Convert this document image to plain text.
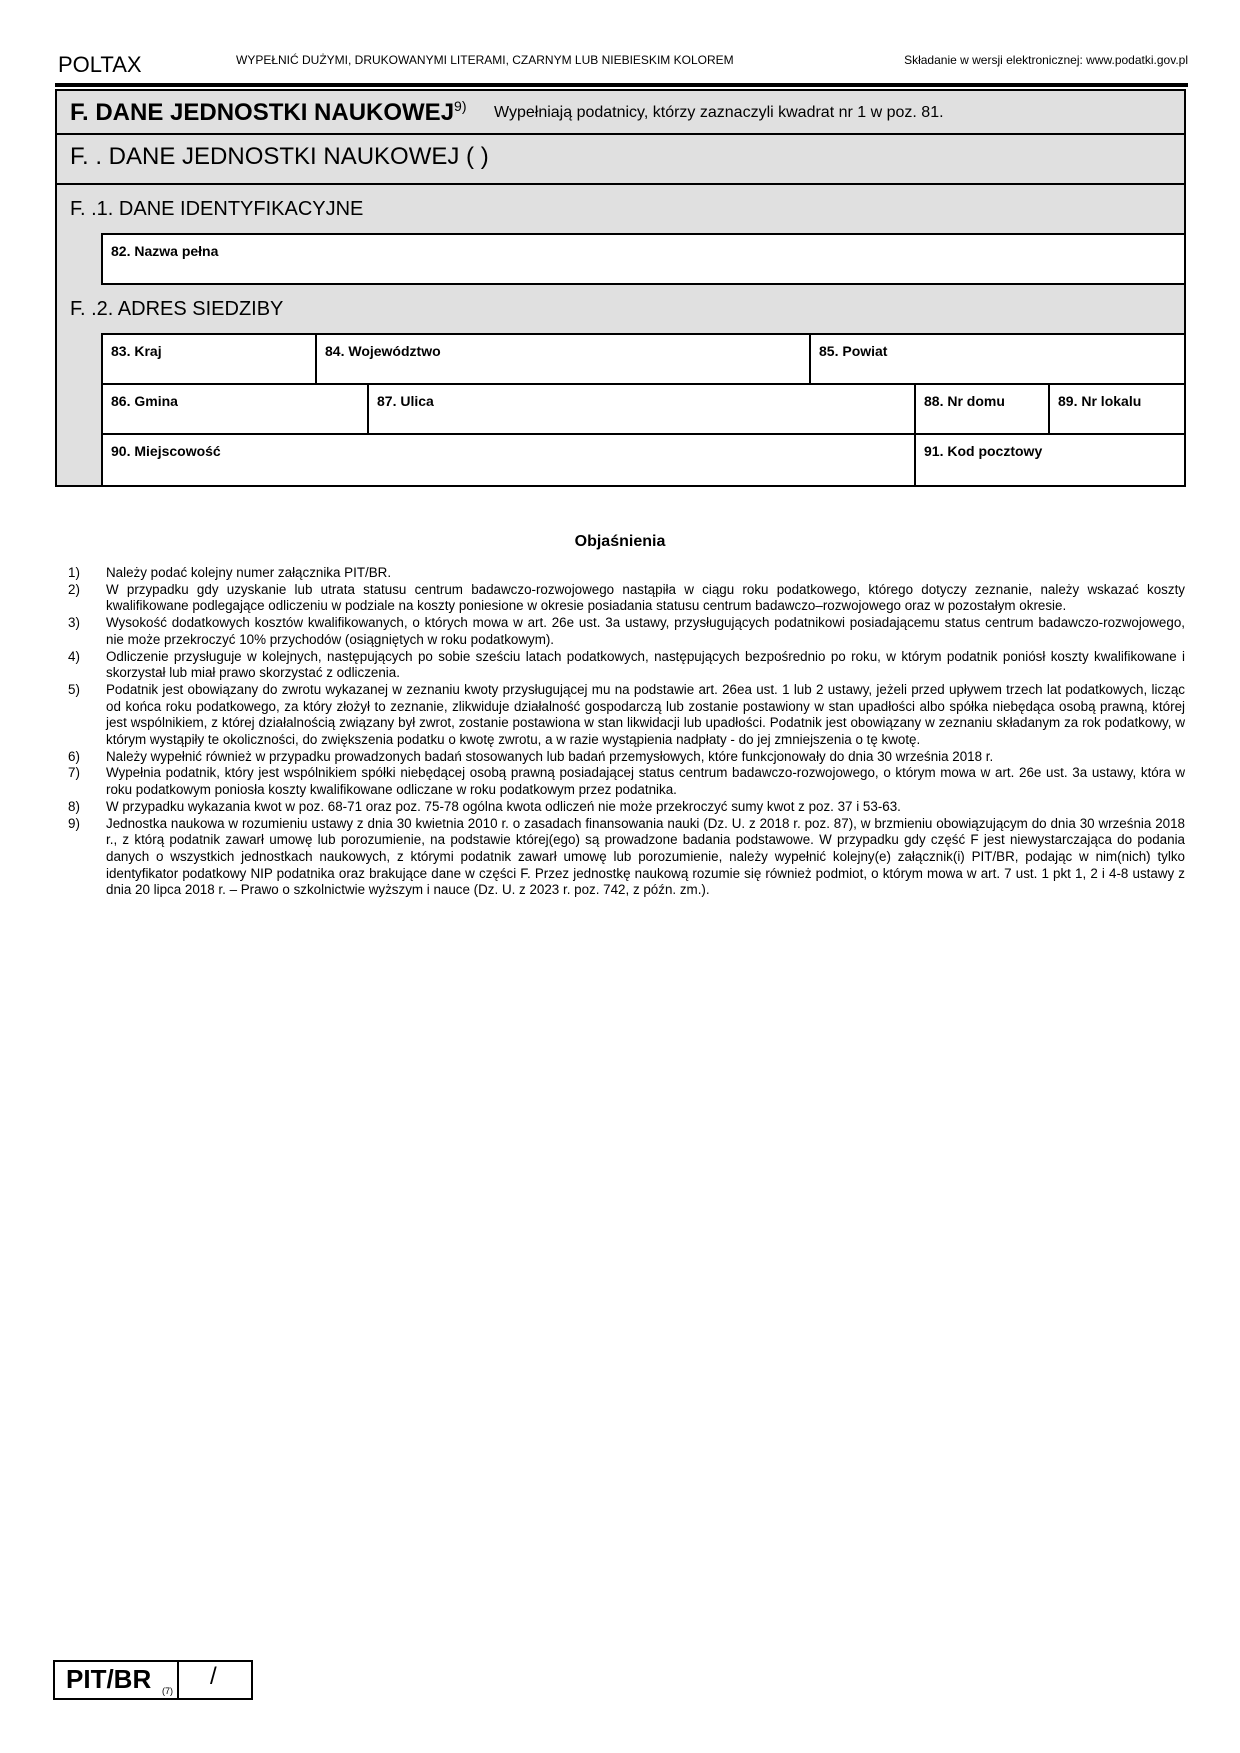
POLTAX	WYPEŁNIĆ DUŻYMI, DRUKOWANYMI LITERAMI, CZARNYM LUB NIEBIESKIM KOLOREM	Składanie w wersji elektronicznej: www.podatki.gov.pl
F. DANE JEDNOSTKI NAUKOWEJ$^{9)}$ Wypełniają podatnicy, którzy zaznaczyli kwadrat nr 1 w poz. 81.
F. . DANE JEDNOSTKI NAUKOWEJ ( )
F. .1. DANE IDENTYFIKACYJNE
82. Nazwa pełna
F. .2. ADRES SIEDZIBY
83. Kraj	84. Województwo	85. Powiat
86. Gmina	87. Ulica	88. Nr domu	89. Nr lokalu
90. Miejscowość	91. Kod pocztowy
Objaśnienia
1)	Należy podać kolejny numer załącznika PIT/BR.
2)	W przypadku gdy uzyskanie lub utrata statusu centrum badawczo-rozwojowego nastąpiła w ciągu roku podatkowego, którego dotyczy zeznanie, należy wskazać koszty kwalifikowane podlegające odliczeniu w podziale na koszty poniesione w okresie posiadania statusu centrum badawczo–rozwojowego oraz w pozostałym okresie.
3)	Wysokość dodatkowych kosztów kwalifikowanych, o których mowa w art. 26e ust. 3a ustawy, przysługujących podatnikowi posiadającemu status centrum badawczo-rozwojowego, nie może przekroczyć 10% przychodów (osiągniętych w roku podatkowym).
4)	Odliczenie przysługuje w kolejnych, następujących po sobie sześciu latach podatkowych, następujących bezpośrednio po roku, w którym podatnik poniósł koszty kwalifikowane i skorzystał lub miał prawo skorzystać z odliczenia.
5)	Podatnik jest obowiązany do zwrotu wykazanej w zeznaniu kwoty przysługującej mu na podstawie art. 26ea ust. 1 lub 2 ustawy, jeżeli przed upływem trzech lat podatkowych, licząc od końca roku podatkowego, za który złożył to zeznanie, zlikwiduje działalność gospodarczą lub zostanie postawiony w stan upadłości albo spółka niebędąca osobą prawną, której jest wspólnikiem, z której działalnością związany był zwrot, zostanie postawiona w stan likwidacji lub upadłości. Podatnik jest obowiązany w zeznaniu składanym za rok podatkowy, w którym wystąpiły te okoliczności, do zwiększenia podatku o kwotę zwrotu, a w razie wystąpienia nadpłaty - do jej zmniejszenia o tę kwotę.
6)	Należy wypełnić również w przypadku prowadzonych badań stosowanych lub badań przemysłowych, które funkcjonowały do dnia 30 września 2018 r.
7)	Wypełnia podatnik, który jest wspólnikiem spółki niebędącej osobą prawną posiadającej status centrum badawczo-rozwojowego, o którym mowa w art. 26e ust. 3a ustawy, która w roku podatkowym poniosła koszty kwalifikowane odliczane w roku podatkowym przez podatnika.
8)	W przypadku wykazania kwot w poz. 68-71 oraz poz. 75-78 ogólna kwota odliczeń nie może przekroczyć sumy kwot z poz. 37 i 53-63.
9)	Jednostka naukowa w rozumieniu ustawy z dnia 30 kwietnia 2010 r. o zasadach finansowania nauki (Dz. U. z 2018 r. poz. 87), w brzmieniu obowiązującym do dnia 30 września 2018 r., z którą podatnik zawarł umowę lub porozumienie, na podstawie której(ego) są prowadzone badania podstawowe. W przypadku gdy część F jest niewystarczająca do podania danych o wszystkich jednostkach naukowych, z którymi podatnik zawarł umowę lub porozumienie, należy wypełnić kolejny(e) załącznik(i) PIT/BR, podając w nim(nich) tylko identyfikator podatkowy NIP podatnika oraz brakujące dane w części F. Przez jednostkę naukową rozumie się również podmiot, o którym mowa w art. 7 ust. 1 pkt 1, 2 i 4-8 ustawy z dnia 20 lipca 2018 r. – Prawo o szkolnictwie wyższym i nauce (Dz. U. z 2023 r. poz. 742, z późn. zm.).
PIT/BR (7)
/
